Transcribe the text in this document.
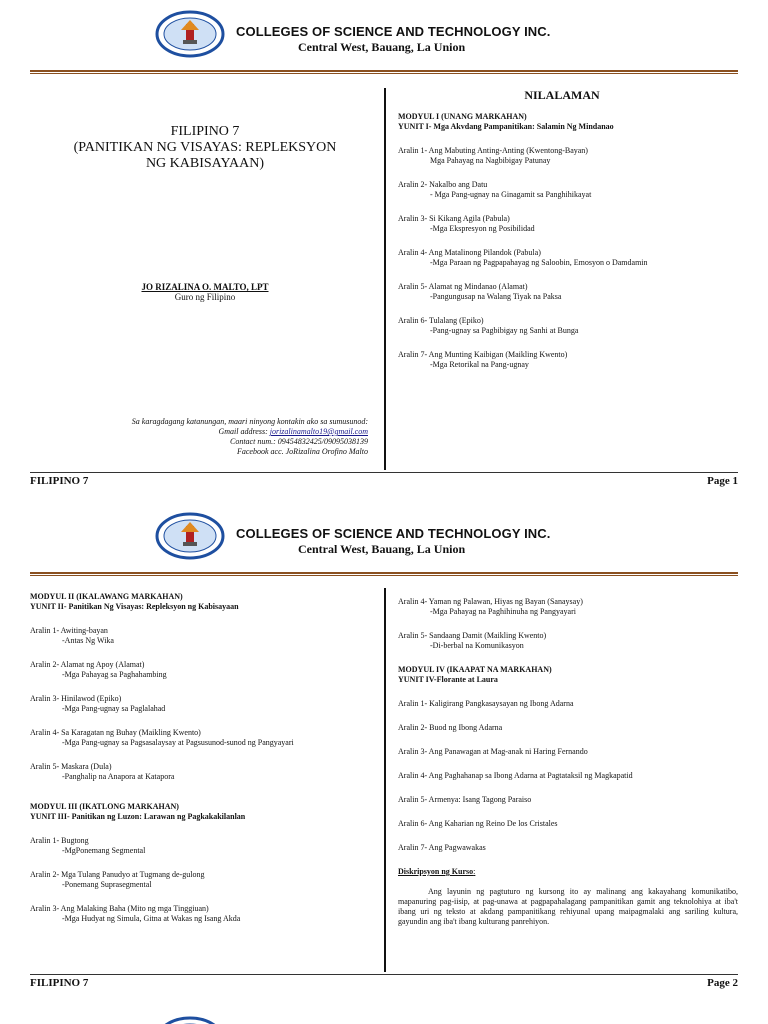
COLLEGES OF SCIENCE AND TECHNOLOGY INC.
Central West, Bauang, La Union
FILIPINO 7
(PANITIKAN NG VISAYAS: REPLEKSYON
NG KABISAYAAN)
JO RIZALINA O. MALTO, LPT
Guro ng Filipino
Sa karagdagang katanungan, maari ninyong kontakin ako sa sumusunod:
Gmail address: jorizalinamalto19@gmail.com
Contact num.: 09454832425/09095038139
Facebook acc. JoRizalina Orofino Malto
NILALAMAN
MODYUL I (UNANG MARKAHAN)
YUNIT I- Mga Akvdang Pampanitikan: Salamin Ng Mindanao
Aralin 1- Ang Mabuting Anting-Anting (Kwentong-Bayan)
Mga Pahayag na Nagbibigay Patunay
Aralin 2- Nakalbo ang Datu
- Mga Pang-ugnay na Ginagamit sa Panghihikayat
Aralin 3- Si Kikang Agila (Pabula)
-Mga Ekspresyon ng Posibilidad
Aralin 4- Ang Matalinong Pilandok (Pabula)
-Mga Paraan ng Pagpapahayag ng Saloobin, Emosyon o Damdamin
Aralin 5- Alamat ng Mindanao (Alamat)
-Pangungusap na Walang Tiyak na Paksa
Aralin 6- Tulalang (Epiko)
-Pang-ugnay sa Pagbibigay ng Sanhi at Bunga
Aralin 7- Ang Munting Kaibigan (Maikling Kwento)
-Mga Retorikal na Pang-ugnay
FILIPINO 7	Page 1
COLLEGES OF SCIENCE AND TECHNOLOGY INC.
Central West, Bauang, La Union
MODYUL II (IKALAWANG MARKAHAN)
YUNIT II- Panitikan Ng Visayas: Repleksyon ng Kabisayaan
Aralin 1- Awiting-bayan
-Antas Ng Wika
Aralin 2- Alamat ng Apoy (Alamat)
-Mga Pahayag sa Paghahambing
Aralin 3- Hinilawod (Epiko)
-Mga Pang-ugnay sa Paglalahad
Aralin 4- Sa Karagatan ng Buhay (Maikling Kwento)
-Mga Pang-ugnay sa Pagsasalaysay at Pagsusunod-sunod ng Pangyayari
Aralin 5- Maskara (Dula)
-Panghalip na Anapora at Katapora
MODYUL III (IKATLONG MARKAHAN)
YUNIT III- Panitikan ng Luzon: Larawan ng Pagkakakilanlan
Aralin 1- Bugtong
-MgPonemang Segmental
Aralin 2- Mga Tulang Panudyo at Tugmang de-gulong
-Ponemang Suprasegmental
Aralin 3- Ang Malaking Baha (Mito ng mga Tinggiuan)
-Mga Hudyat ng Simula, Gitna at Wakas ng Isang Akda
Aralin 4- Yaman ng Palawan, Hiyas ng Bayan (Sanaysay)
-Mga Pahayag na Paghihinuha ng Pangyayari
Aralin 5- Sandaang Damit (Maikling Kwento)
-Di-berbal na Komunikasyon
MODYUL IV (IKAAPAT NA MARKAHAN)
YUNIT IV-Florante at Laura
Aralin 1- Kaligirang Pangkasaysayan ng Ibong Adarna
Aralin 2- Buod ng Ibong Adarna
Aralin 3- Ang Panawagan at Mag-anak ni Haring Fernando
Aralin 4- Ang Paghahanap sa Ibong Adarna at Pagtataksil ng Magkapatid
Aralin 5- Armenya: Isang Tagong Paraiso
Aralin 6- Ang Kaharian ng Reino De los Cristales
Aralin 7- Ang Pagwawakas
Diskripsyon ng Kurso:
Ang layunin ng pagtuturo ng kursong ito ay malinang ang kakayahang komunikatibo, mapanuring pag-iisip, at pag-unawa at pagpapahalagang pampanitikan gamit ang teknolohiya at iba't ibang uri ng teksto at akdang pampanitikang rehiyunal upang maipagmalaki ang sariling kultura, gayundin ang iba't ibang kulturang panrehiyon.
FILIPINO 7	Page 2
